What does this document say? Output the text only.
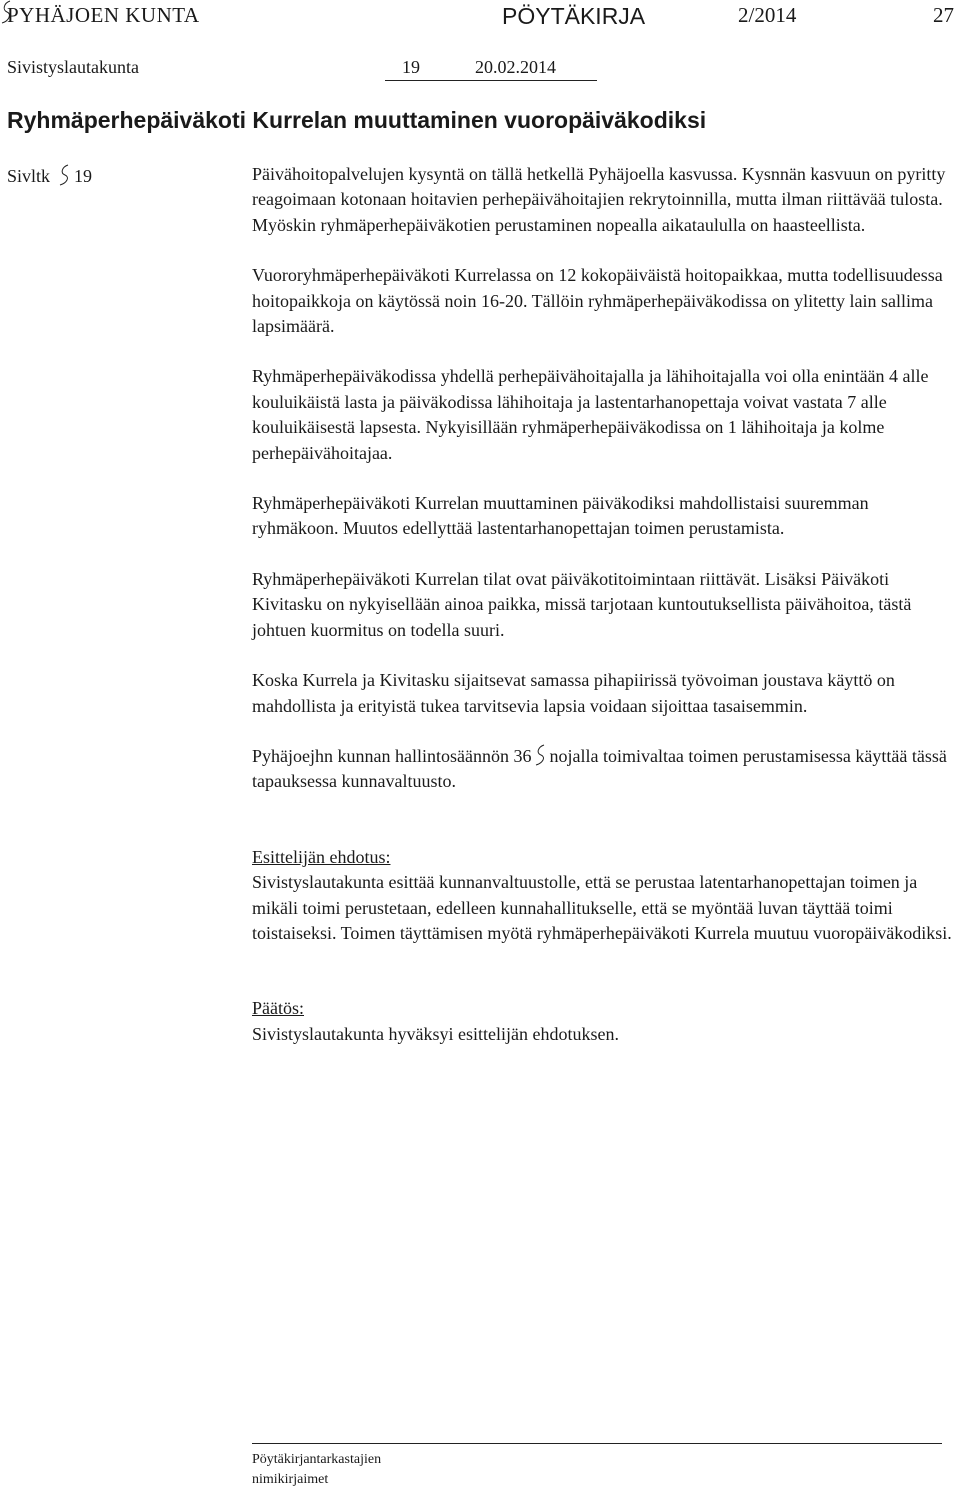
PYHÄJOEN KUNTA	PÖYTÄKIRJA	2/2014	27
Sivistyslautakunta	19	20.02.2014
Ryhmäperhepäiväkoti Kurrelan muuttaminen vuoropäiväkodiksi
Sivltk 19	Päivähoitopalvelujen kysyntä on tällä hetkellä Pyhäjoella kasvussa. Kysnnän kasvuun on pyritty reagoimaan kotonaan hoitavien perhepäivähoitajien rekrytoinnilla, mutta ilman riittävää tulosta. Myöskin ryhmäperhepäiväkotien perustaminen nopealla aikataululla on haasteellista.

Vuororyhmäperhepäiväkoti Kurrelassa on 12 kokopäiväistä hoitopaikkaa, mutta todellisuudessa hoitopaikkoja on käytössä noin 16-20. Tällöin ryhmäperhepäiväkodissa on ylitetty lain sallima lapsimäärä.

Ryhmäperhepäiväkodissa yhdellä perhepäivähoitajalla ja lähihoitajalla voi olla enintään 4 alle kouluikäistä lasta ja päiväkodissa lähihoitaja ja lastentarhanopettaja voivat vastata 7 alle kouluikäisestä lapsesta. Nykyisillään ryhmäperhepäiväkodissa on 1 lähihoitaja ja kolme perhepäivähoitajaa.

Ryhmäperhepäiväkoti Kurrelan muuttaminen päiväkodiksi mahdollistaisi suuremman ryhmäkoon. Muutos edellyttää lastentarhanopettajan toimen perustamista.

Ryhmäperhepäiväkoti Kurrelan tilat ovat päiväkotitoimintaan riittävät. Lisäksi Päiväkoti Kivitasku on nykyisellään ainoa paikka, missä tarjotaan kuntoutuksellista päivähoitoa, tästä johtuen kuormitus on todella suuri.

Koska Kurrela ja Kivitasku sijaitsevat samassa pihapiirissä työvoiman joustava käyttö on mahdollista ja erityistä tukea tarvitsevia lapsia voidaan sijoittaa tasaisemmin.

Pyhäjoejhn kunnan hallintosäännön 36 nojalla toimivaltaa toimen perustamisessa käyttää tässä tapauksessa kunnavaltuusto.

Esittelijän ehdotus:

Sivistyslautakunta esittää kunnanvaltuustolle, että se perustaa latentarhanopettajan toimen ja mikäli toimi perustetaan, edelleen kunnahallitukselle, että se myöntää luvan täyttää toimi toistaiseksi. Toimen täyttämisen myötä ryhmäperhepäiväkoti Kurrela muutuu vuoropäiväkodiksi.

Päätös:

Sivistyslautakunta hyväksyi esittelijän ehdotuksen.

Pöytäkirjantarkastajien
nimikirjaimet
